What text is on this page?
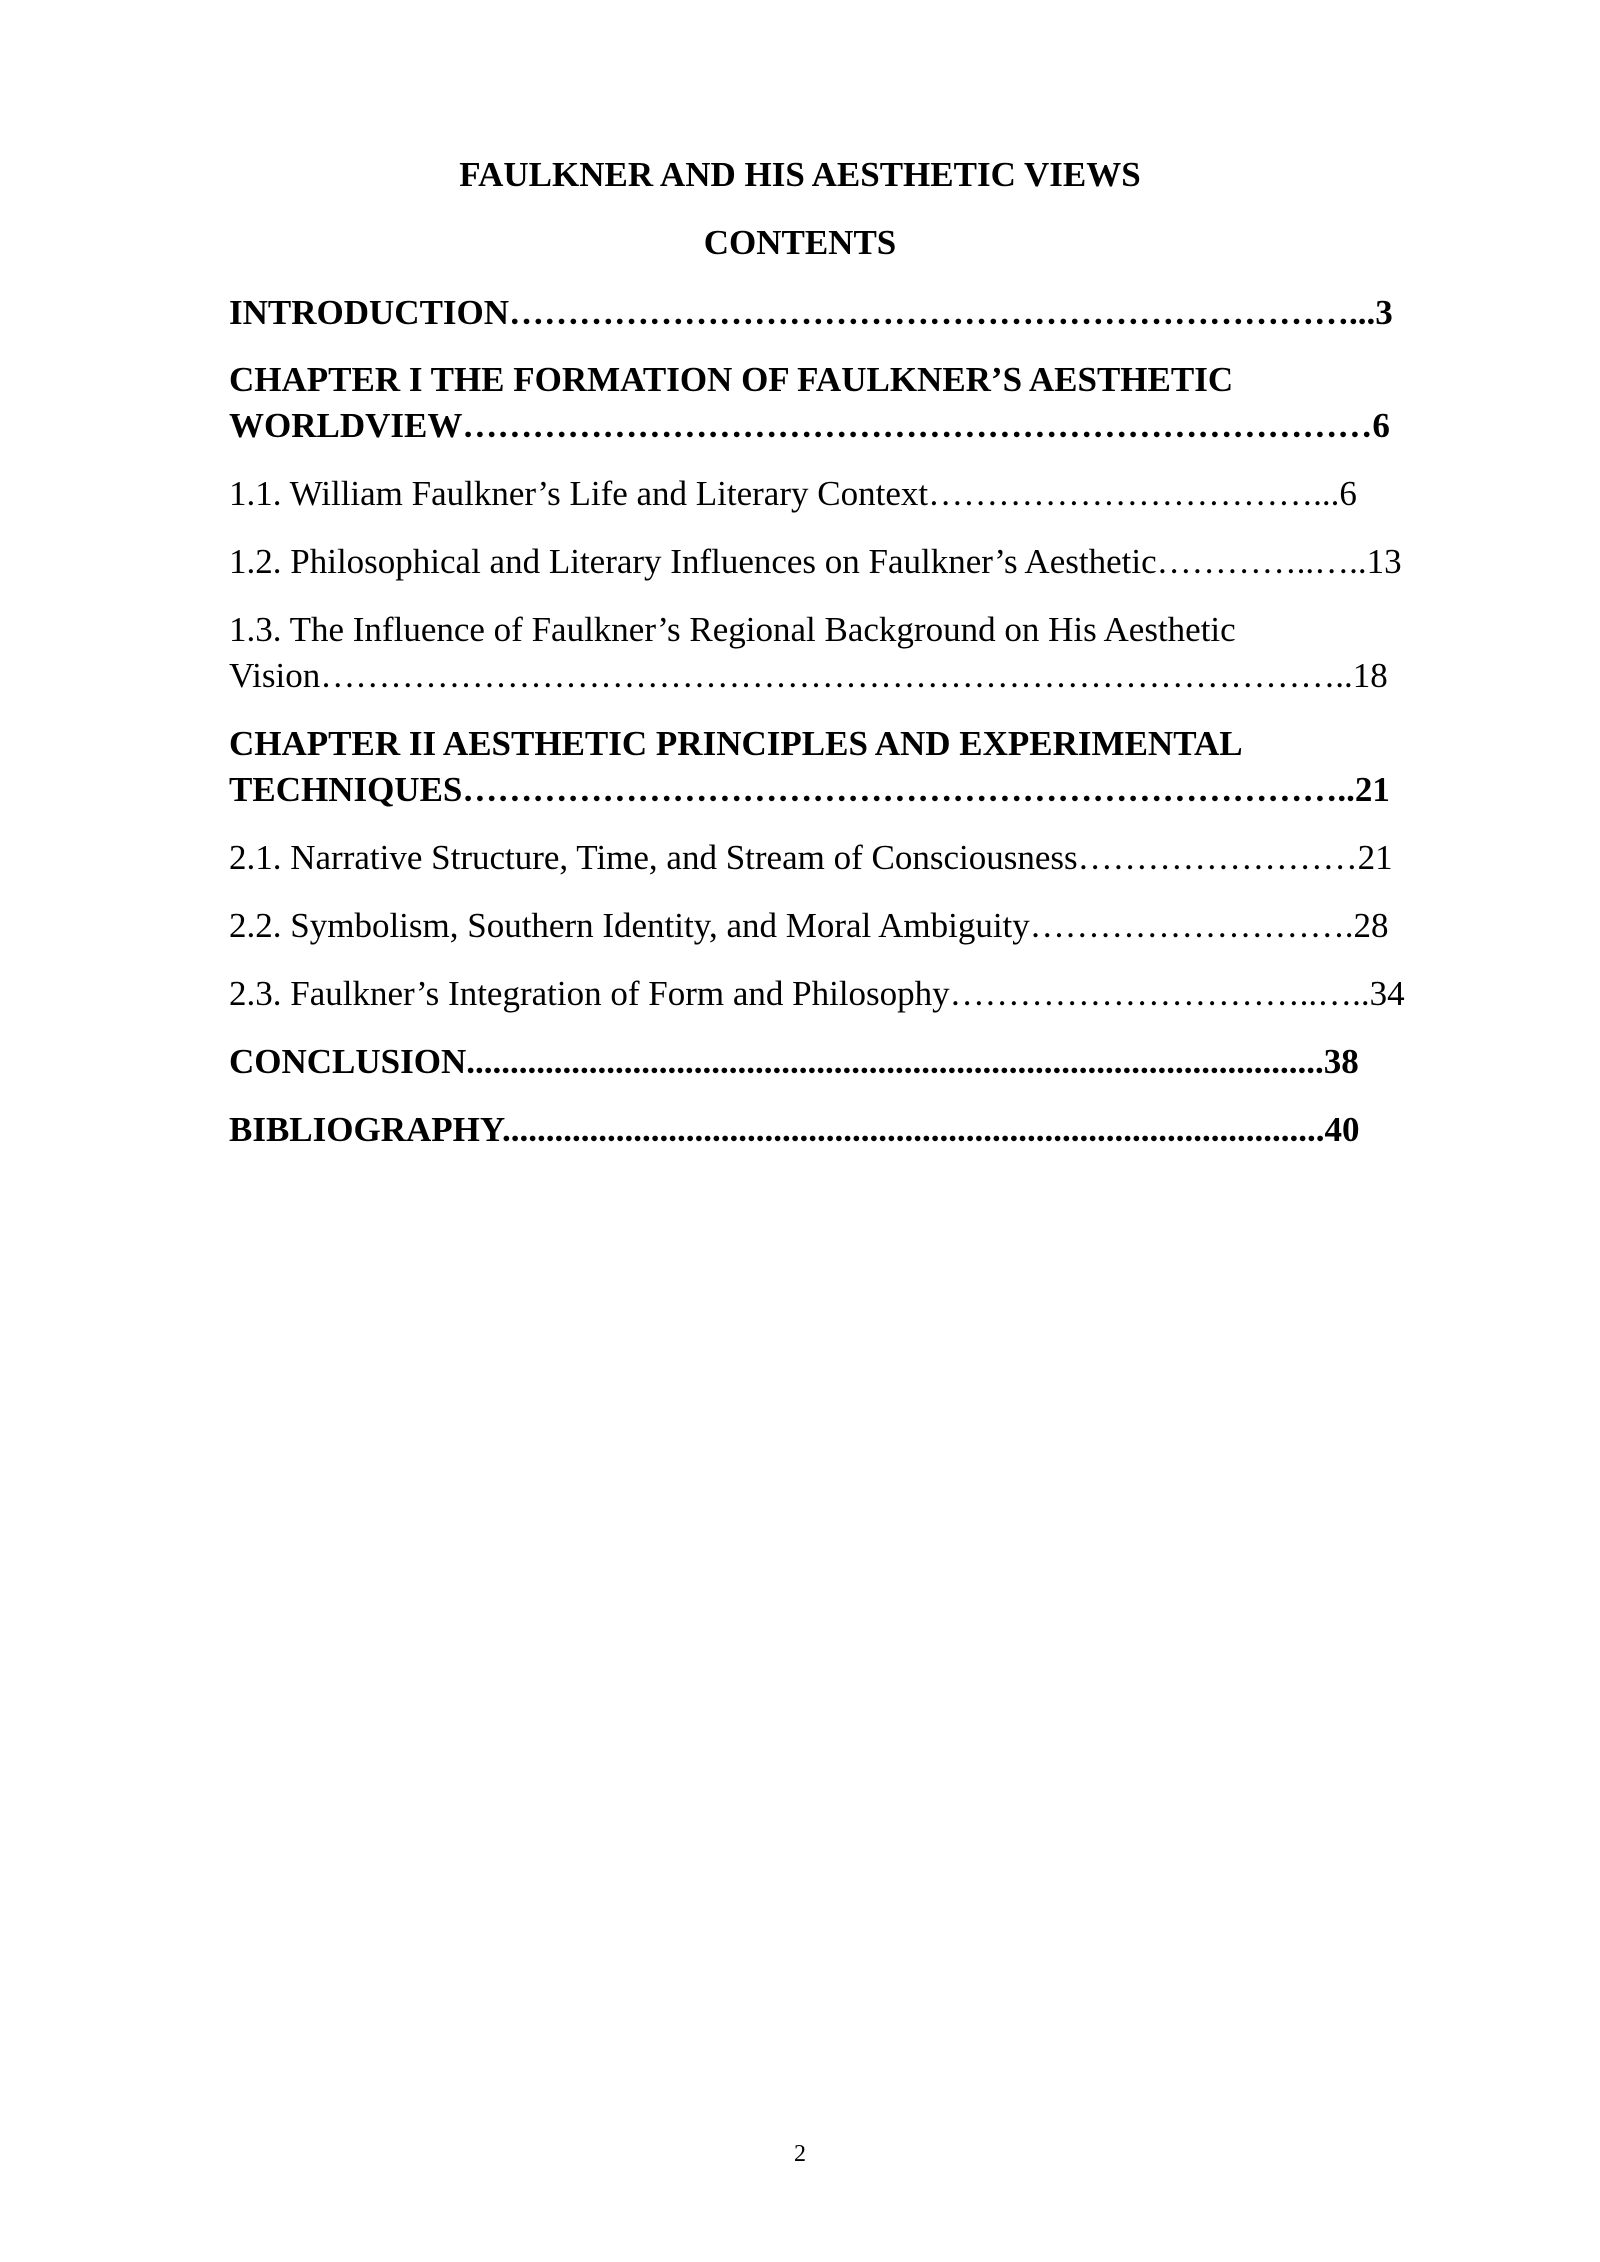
FAULKNER AND HIS AESTHETIC VIEWS
CONTENTS
INTRODUCTION………………………………………………………………...3
CHAPTER I THE FORMATION OF FAULKNER’S AESTHETIC
WORLDVIEW……………………………………………………………………6
1.1. William Faulkner’s Life and Literary Context……………………………...6
1.2. Philosophical and Literary Influences on Faulkner’s Aesthetic…………..…..13
1.3. The Influence of Faulkner’s Regional Background on His Aesthetic
Vision……………………………………………………………………………..18
CHAPTER II AESTHETIC PRINCIPLES AND EXPERIMENTAL
TECHNIQUES…………………………………………………………………..21
2.1. Narrative Structure, Time, and Stream of Consciousness……………………21
2.2. Symbolism, Southern Identity, and Moral Ambiguity……………………….28
2.3. Faulkner’s Integration of Form and Philosophy…………………………..…..34
CONCLUSION..................................................................................................38
BIBLIOGRAPHY..............................................................................................40
2
